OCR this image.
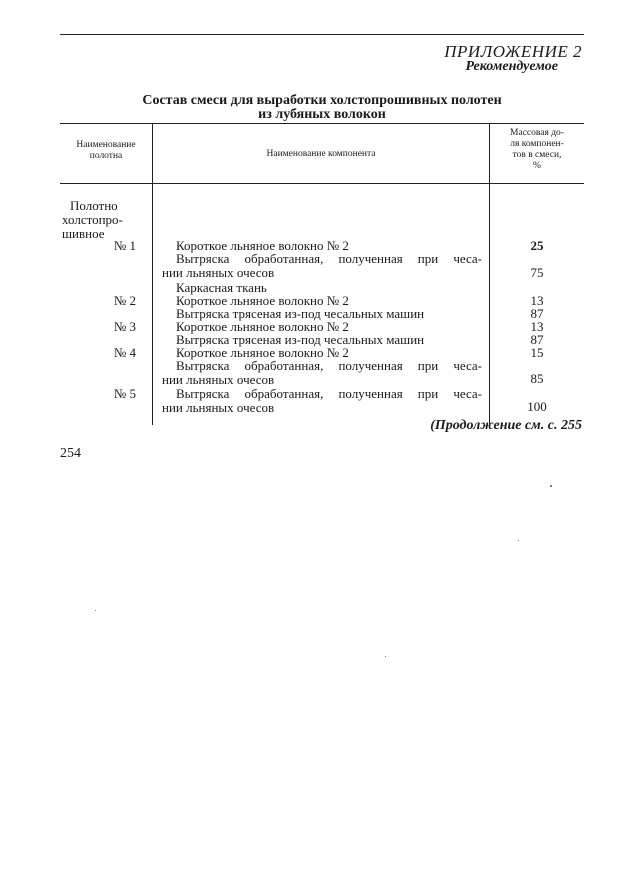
ПРИЛОЖЕНИЕ 2
Рекомендуемое
Состав смеси для выработки холстопрошивных полотен
из лубяных волокон
Наименование
полотна	Наименование компонента
Массовая до-
ля компонен-
тов в смеси,
%
Полотно
холстопро-
шивное
№ 1	Короткое льняное волокно № 2	25
Вытряска обработанная, полученная при чеса-
нии льняных очесов	75
Каркасная ткань
№ 2	Короткое льняное волокно № 2	13
Вытряска трясеная из-под чесальных машин	87
№ 3	Короткое льняное волокно № 2	13
Вытряска трясеная из-под чесальных машин	87
№ 4	Короткое льняное волокно № 2	15
Вытряска обработанная, полученная при чеса-
нии льняных очесов	85
№ 5	Вытряска обработанная, полученная при чеса-
нии льняных очесов	100
(Продолжение см. с. 255
254
